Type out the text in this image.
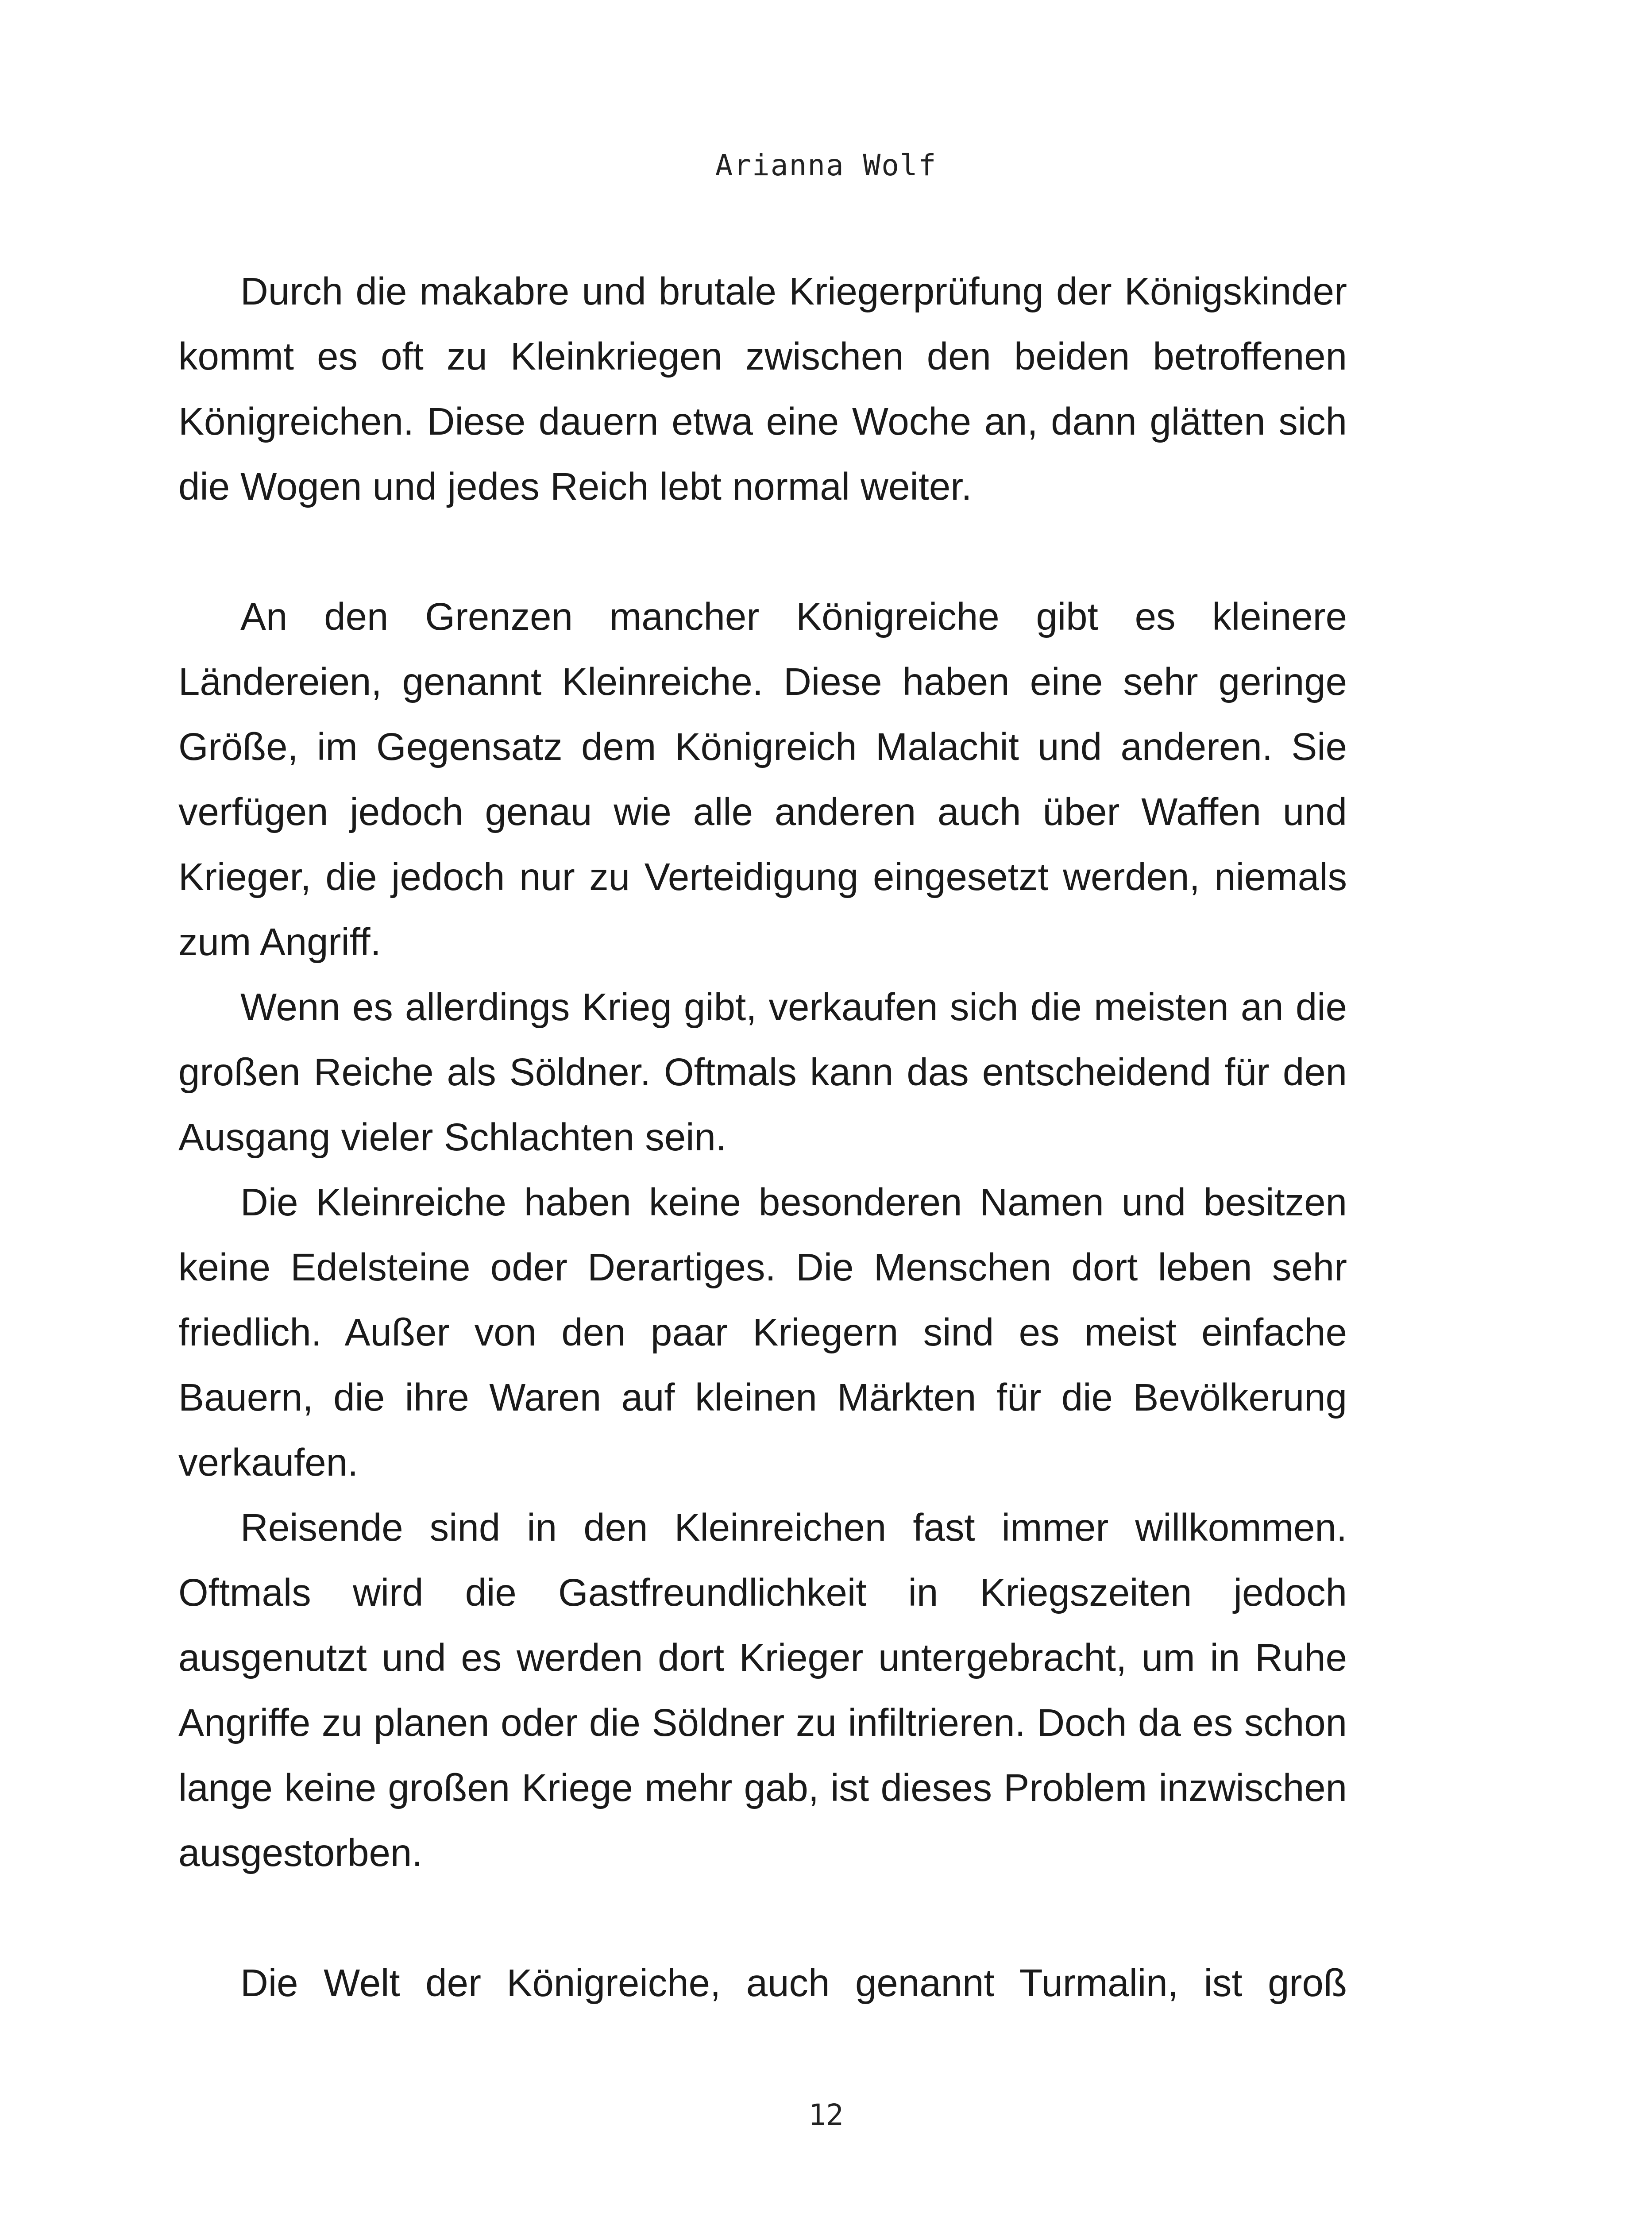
Arianna Wolf

Durch die makabre und brutale Kriegerprüfung der Königskinder kommt es oft zu Kleinkriegen zwischen den beiden betroffenen Königreichen. Diese dauern etwa eine Woche an, dann glätten sich die Wogen und jedes Reich lebt normal weiter.

An den Grenzen mancher Königreiche gibt es kleinere Ländereien, genannt Kleinreiche. Diese haben eine sehr geringe Größe, im Gegensatz dem Königreich Malachit und anderen. Sie verfügen jedoch genau wie alle anderen auch über Waffen und Krieger, die jedoch nur zu Verteidigung eingesetzt werden, niemals zum Angriff.

Wenn es allerdings Krieg gibt, verkaufen sich die meisten an die großen Reiche als Söldner. Oftmals kann das entscheidend für den Ausgang vieler Schlachten sein.

Die Kleinreiche haben keine besonderen Namen und besitzen keine Edelsteine oder Derartiges. Die Menschen dort leben sehr friedlich. Außer von den paar Kriegern sind es meist einfache Bauern, die ihre Waren auf kleinen Märkten für die Bevölkerung verkaufen.

Reisende sind in den Kleinreichen fast immer willkommen. Oftmals wird die Gastfreundlichkeit in Kriegszeiten jedoch ausgenutzt und es werden dort Krieger untergebracht, um in Ruhe Angriffe zu planen oder die Söldner zu infiltrieren. Doch da es schon lange keine großen Kriege mehr gab, ist dieses Problem inzwischen ausgestorben.

Die Welt der Königreiche, auch genannt Turmalin, ist groß

12
